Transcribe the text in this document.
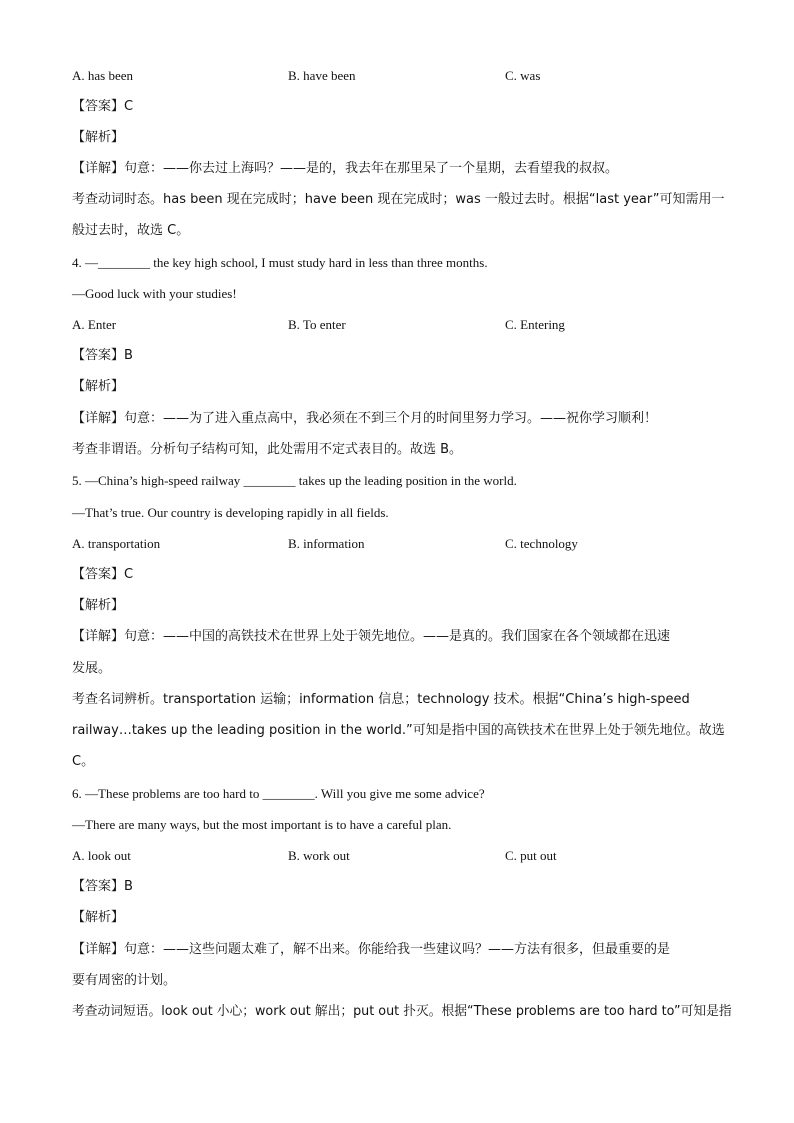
A. has been	B. have been	C. was
【答案】C
【解析】
【详解】句意：——你去过上海吗？——是的，我去年在那里呆了一个星期，去看望我的叔叔。
考查动词时态。has been 现在完成时；have been 现在完成时；was 一般过去时。根据“last year”可知需用一
般过去时，故选 C。
4. —________ the key high school, I must study hard in less than three months.
—Good luck with your studies!
A. Enter	B. To enter	C. Entering
【答案】B
【解析】
【详解】句意：——为了进入重点高中，我必须在不到三个月的时间里努力学习。——祝你学习顺利！
考查非谓语。分析句子结构可知，此处需用不定式表目的。故选 B。
5. —China’s high-speed railway ________ takes up the leading position in the world.
—That’s true. Our country is developing rapidly in all fields.
A. transportation	B. information	C. technology
【答案】C
【解析】
【详解】句意：——中国的高铁技术在世界上处于领先地位。——是真的。我们国家在各个领域都在迅速
发展。
考查名词辨析。transportation 运输；information 信息；technology 技术。根据“China’s high-speed
railway…takes up the leading position in the world.”可知是指中国的高铁技术在世界上处于领先地位。故选
C。
6. —These problems are too hard to ________. Will you give me some advice?
—There are many ways, but the most important is to have a careful plan.
A. look out	B. work out	C. put out
【答案】B
【解析】
【详解】句意：——这些问题太难了，解不出来。你能给我一些建议吗？——方法有很多，但最重要的是
要有周密的计划。
考查动词短语。look out 小心；work out 解出；put out 扑灭。根据“These problems are too hard to”可知是指
